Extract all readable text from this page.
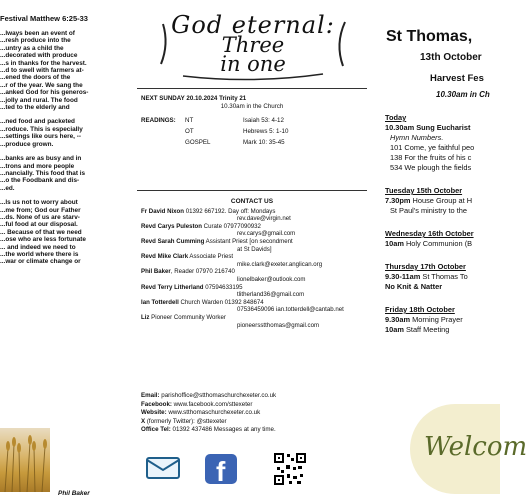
Festival Matthew 6:25-33

...lways been an event of

...resh produce into the

...untry as a child the

...decorated with produce

...s in thanks for the harvest.

...d to swell with farmers at-

...ened the doors of the

...r of the year. We sang the

...anked God for his generos-

...jolly and rural. The food

...ted to the elderly and

...ned food and packeted

...roduce. This is especially

...settings like ours here, --

...produce grown.

...banks are as busy and in

...trons and more people

...nancially. This food that is

...o the Foodbank and dis-

...ed.

...ls us not to worry about

...me from; God our Father

...ds. None of us are starv-

...ful food at our disposal.

... Because of that we need

...ose who are less fortunate

... and indeed we need to

...the world where there is

...war or climate change or

Phil Baker
God eternal:
Three
in one
NEXT SUNDAY 20.10.2024 Trinity 21
10.30am in the Church
READINGS: NT	Isaiah 53: 4-12
OT	Hebrews 5: 1-10
GOSPEL	Mark 10: 35-45
CONTACT US

Fr David Nixon 01392 667192. Day off: Mondays

rev.dave@virgin.net

Revd Carys Puleston Curate 07977090932

rev.carys@gmail.com

Revd Sarah Cumming Assistant Priest [on secondment

at St Davids]

Revd Mike Clark Associate Priest

mike.clark@exeter.anglican.org

Phil Baker, Reader 07970 216740

lionelbaker@outlook.com

Revd Terry Litherland 07594633195

tlitherland36@gmail.com

Ian Totterdell Church Warden 01392 848674

07536459096 ian.totterdell@cantab.net

Liz Pioneer Community Worker

pioneersstthomas@gmail.com

Email: parishoffice@stthomaschurchexeter.co.uk
Facebook: www.facebook.com/sttexeter
Website: www.stthomaschurchexeter.co.uk
X (formerly Twitter): @sttexeter
Office Tel: 01392 437486 Messages at any time.
f
St Thomas,
13th October
Harvest Fes
10.30am in Ch
Today
10.30am Sung Eucharist
Hymn Numbers.
101 Come, ye faithful peo
138 For the fruits of his c
534 We plough the fields
Tuesday 15th October
7.30pm House Group at H
St Paul's ministry to the
Wednesday 16th October
10am Holy Communion (B
Thursday 17th October
9.30-11am St Thomas To
No Knit & Natter
Friday 18th October
9.30am Morning Prayer
10am Staff Meeting
Welcom
